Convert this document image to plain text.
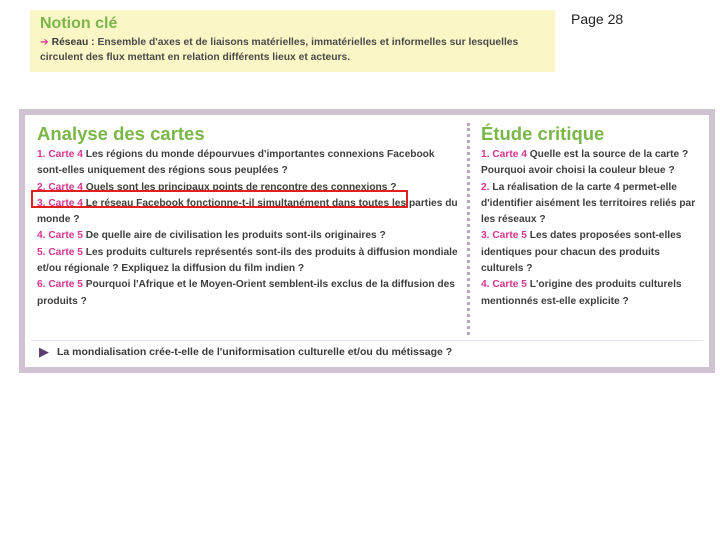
Notion clé
➔ Réseau : Ensemble d'axes et de liaisons matérielles, immatérielles et informelles sur lesquelles circulent des flux mettant en relation différents lieux et acteurs.
Page 28
Analyse des cartes

1. Carte 4 Les régions du monde dépourvues d'importantes connexions Facebook sont-elles uniquement des régions sous peuplées ?

2. Carte 4 Quels sont les principaux points de rencontre des connexions ?

3. Carte 4 Le réseau Facebook fonctionne-t-il simultanément dans toutes les parties du monde ?

4. Carte 5 De quelle aire de civilisation les produits sont-ils originaires ?

5. Carte 5 Les produits culturels représentés sont-ils des produits à diffusion mondiale et/ou régionale ? Expliquez la diffusion du film indien ?

6. Carte 5 Pourquoi l'Afrique et le Moyen-Orient semblent-ils exclus de la diffusion des produits ?

Étude critique

1. Carte 4 Quelle est la source de la carte ? Pourquoi avoir choisi la couleur bleue ?

2. La réalisation de la carte 4 permet-elle d'identifier aisément les territoires reliés par les réseaux ?

3. Carte 5 Les dates proposées sont-elles identiques pour chacun des produits culturels ?

4. Carte 5 L'origine des produits culturels mentionnés est-elle explicite ?

▶ La mondialisation crée-t-elle de l'uniformisation culturelle et/ou du métissage ?
